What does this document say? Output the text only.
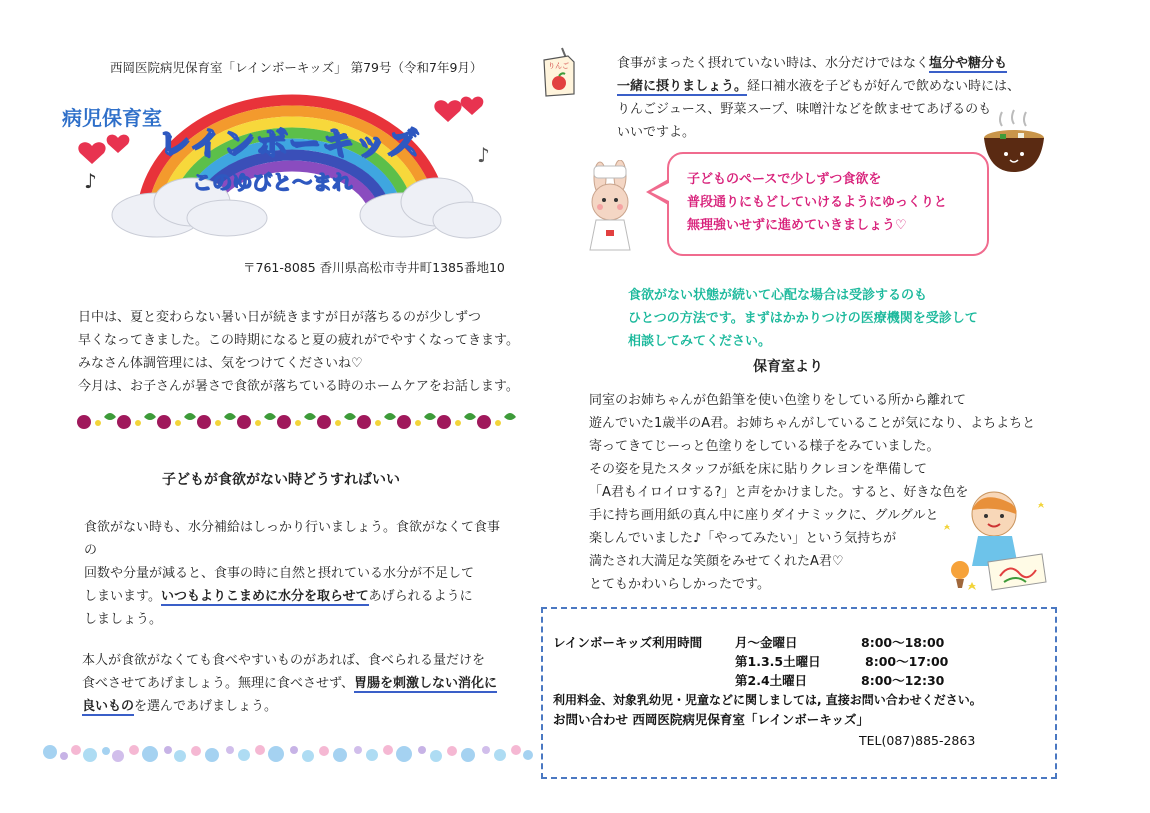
西岡医院病児保育室「レインボーキッズ」 第79号（令和7年9月）
♪
♪
病児保育室
レインボーキッズ
このゆびと～まれ
〒761-8085 香川県高松市寺井町1385番地10
日中は、夏と変わらない暑い日が続きますが日が落ちるのが少しずつ
早くなってきました。この時期になると夏の疲れがでやすくなってきます。
みなさん体調管理には、気をつけてくださいね♡
今月は、お子さんが暑さで食欲が落ちている時のホームケアをお話します。
子どもが食欲がない時どうすればいい
食欲がない時も、水分補給はしっかり行いましょう。食欲がなくて食事
の
回数や分量が減ると、食事の時に自然と摂れている水分が不足して
しまいます。いつもよりこまめに水分を取らせてあげられるように
しましょう。
本人が食欲がなくても食べやすいものがあれば、食べられる量だけを
食べさせてあげましょう。無理に食べさせず、胃腸を刺激しない消化に
良いものを選んであげましょう。
りんご	食事がまったく摂れていない時は、水分だけではなく塩分や糖分も
一緒に摂りましょう。経口補水液を子どもが好んで飲めない時には、
りんごジュース、野菜スープ、味噌汁などを飲ませてあげるのも
いいですよ。
子どものペースで少しずつ食欲を
普段通りにもどしていけるようにゆっくりと
無理強いせずに進めていきましょう♡
食欲がない状態が続いて心配な場合は受診するのも
ひとつの方法です。まずはかかりつけの医療機関を受診して
相談してみてください。
保育室より
同室のお姉ちゃんが色鉛筆を使い色塗りをしている所から離れて
遊んでいた1歳半のA君。お姉ちゃんがしていることが気になり、よちよちと
寄ってきてじーっと色塗りをしている様子をみていました。
その姿を見たスタッフが紙を床に貼りクレヨンを準備して
「A君もイロイロする?」と声をかけました。すると、好きな色を
手に持ち画用紙の真ん中に座りダイナミックに、グルグルと
楽しんでいました♪「やってみたい」という気持ちが
満たされ大満足な笑顔をみせてくれたA君♡
とてもかわいらしかったです。
レインボーキッズ利用時間	月～金曜日	8:00～18:00
第1.3.5土曜日	8:00～17:00
第2.4土曜日	8:00～12:30
利用料金、対象乳幼児・児童などに関しましては, 直接お問い合わせください。
お問い合わせ 西岡医院病児保育室「レインボーキッズ」
TEL(087)885-2863
